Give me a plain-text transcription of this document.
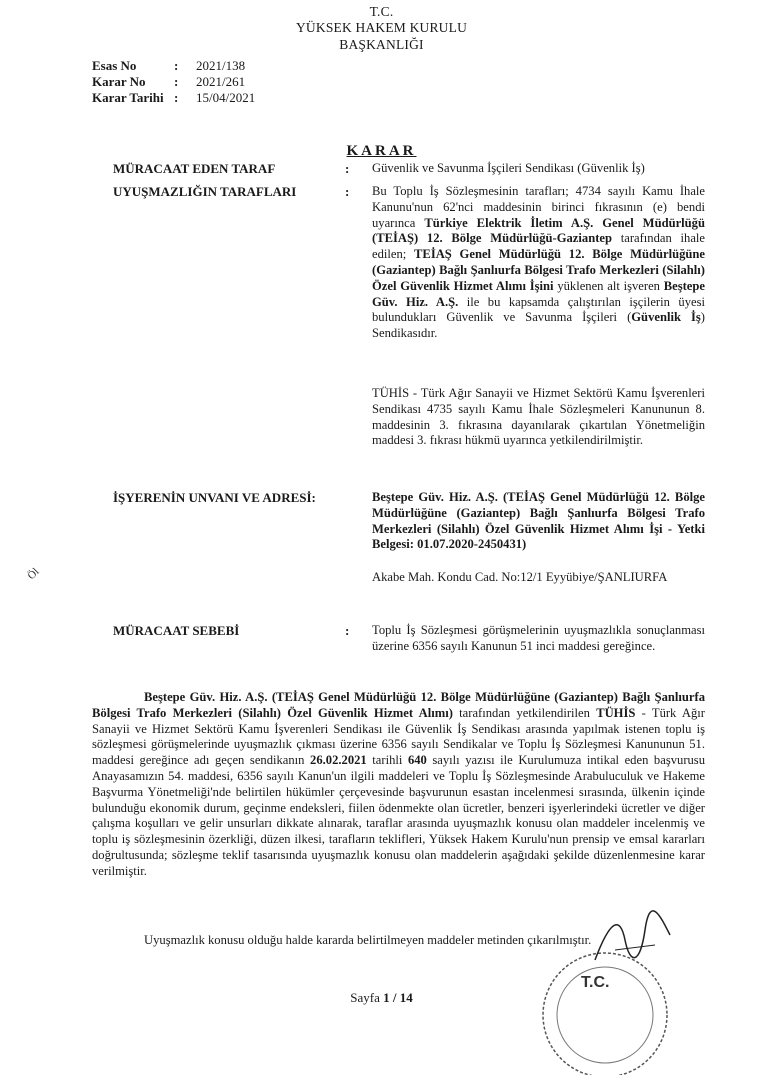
T.C.
YÜKSEK HAKEM KURULU
BAŞKANLIĞI
Esas No	: 2021/138
Karar No : 2021/261
Karar Tarihi : 15/04/2021
KARAR
MÜRACAAT EDEN TARAF	: Güvenlik ve Savunma İşçileri Sendikası (Güvenlik İş)
UYUŞMAZLIĞIN TARAFLARI	: Bu Toplu İş Sözleşmesinin tarafları; 4734 sayılı Kamu İhale Kanunu'nun 62'nci maddesinin birinci fıkrasının (e) bendi uyarınca Türkiye Elektrik İletim A.Ş. Genel Müdürlüğü (TEİAŞ) 12. Bölge Müdürlüğü-Gaziantep tarafından ihale edilen; TEİAŞ Genel Müdürlüğü 12. Bölge Müdürlüğüne (Gaziantep) Bağlı Şanlıurfa Bölgesi Trafo Merkezleri (Silahlı) Özel Güvenlik Hizmet Alımı İşini yüklenen alt işveren Beştepe Güv. Hiz. A.Ş. ile bu kapsamda çalıştırılan işçilerin üyesi bulundukları Güvenlik ve Savunma İşçileri (Güvenlik İş) Sendikasıdır.
TÜHİS - Türk Ağır Sanayii ve Hizmet Sektörü Kamu İşverenleri Sendikası 4735 sayılı Kamu İhale Sözleşmeleri Kanununun 8. maddesinin 3. fıkrasına dayanılarak çıkartılan Yönetmeliğin maddesi 3. fıkrası hükmü uyarınca yetkilendirilmiştir.
İŞYERENİN UNVANI VE ADRESİ:	Beştepe Güv. Hiz. A.Ş. (TEİAŞ Genel Müdürlüğü 12. Bölge Müdürlüğüne (Gaziantep) Bağlı Şanlıurfa Bölgesi Trafo Merkezleri (Silahlı) Özel Güvenlik Hizmet Alımı İşi - Yetki Belgesi: 01.07.2020-2450431)
Akabe Mah. Kondu Cad. No:12/1 Eyyübiye/ŞANLIURFA
Öl
MÜRACAAT SEBEBİ	: Toplu İş Sözleşmesi görüşmelerinin uyuşmazlıkla sonuçlanması üzerine 6356 sayılı Kanunun 51 inci maddesi gereğince.
Beştepe Güv. Hiz. A.Ş. (TEİAŞ Genel Müdürlüğü 12. Bölge Müdürlüğüne (Gaziantep) Bağlı Şanlıurfa Bölgesi Trafo Merkezleri (Silahlı) Özel Güvenlik Hizmet Alımı) tarafından yetkilendirilen TÜHİS - Türk Ağır Sanayii ve Hizmet Sektörü Kamu İşverenleri Sendikası ile Güvenlik İş Sendikası arasında yapılmak istenen toplu iş sözleşmesi görüşmelerinde uyuşmazlık çıkması üzerine 6356 sayılı Sendikalar ve Toplu İş Sözleşmesi Kanununun 51. maddesi gereğince adı geçen sendikanın 26.02.2021 tarihli 640 sayılı yazısı ile Kurulumuza intikal eden başvurusu Anayasamızın 54. maddesi, 6356 sayılı Kanun'un ilgili maddeleri ve Toplu İş Sözleşmesinde Arabuluculuk ve Hakeme Başvurma Yönetmeliği'nde belirtilen hükümler çerçevesinde başvurunun esastan incelenmesi sırasında, ülkenin içinde bulunduğu ekonomik durum, geçinme endeksleri, fiilen ödenmekte olan ücretler, benzeri işyerlerindeki ücretler ve diğer çalışma koşulları ve gelir unsurları dikkate alınarak, taraflar arasında uyuşmazlık konusu olan maddeler incelenmiş ve toplu iş sözleşmesinin özerkliği, düzen ilkesi, tarafların teklifleri, Yüksek Hakem Kurulu'nun prensip ve emsal kararları doğrultusunda; sözleşme teklif tasarısında uyuşmazlık konusu olan maddelerin aşağıdaki şekilde düzenlenmesine karar verilmiştir.
Uyuşmazlık konusu olduğu halde kararda belirtilmeyen maddeler metinden çıkarılmıştır.
T.C.
Sayfa 1 / 14
